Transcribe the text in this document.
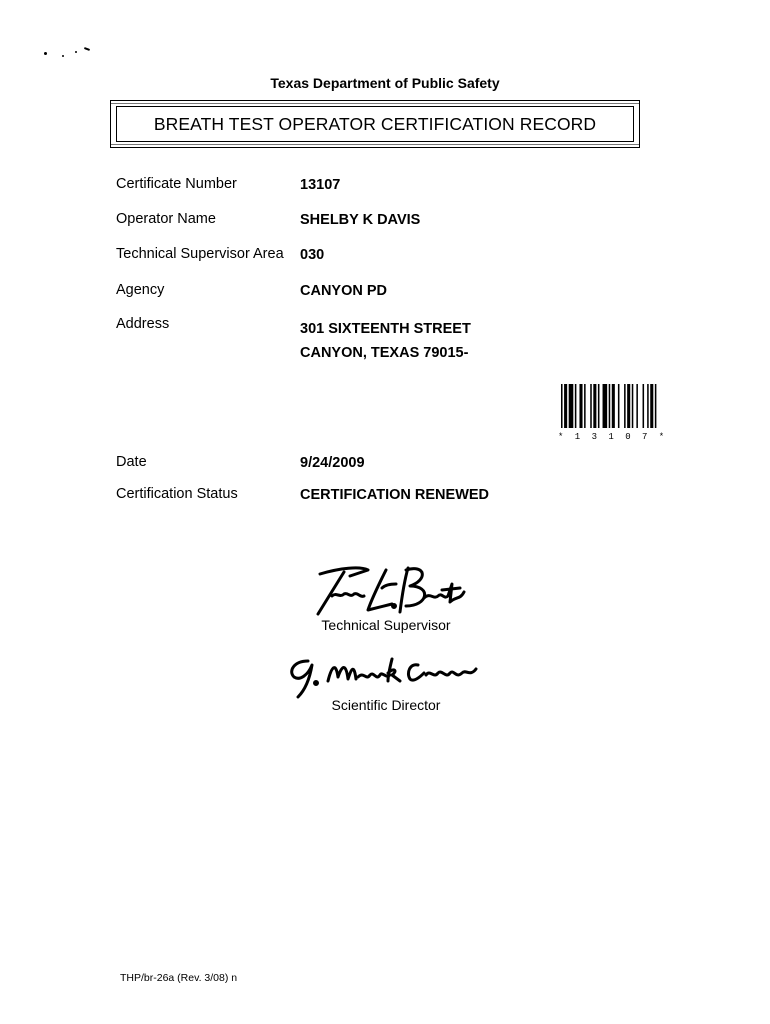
Texas Department of Public Safety
BREATH TEST OPERATOR CERTIFICATION RECORD
Certificate Number	13107
Operator Name	SHELBY K DAVIS
Technical Supervisor Area 030
Agency	CANYON PD
Address	301 SIXTEENTH STREET
CANYON, TEXAS 79015-
* 1 3 1 0 7 *
Date	9/24/2009
Certification Status	CERTIFICATION RENEWED
Technical Supervisor
Scientific Director
THP/br-26a (Rev. 3/08) n
